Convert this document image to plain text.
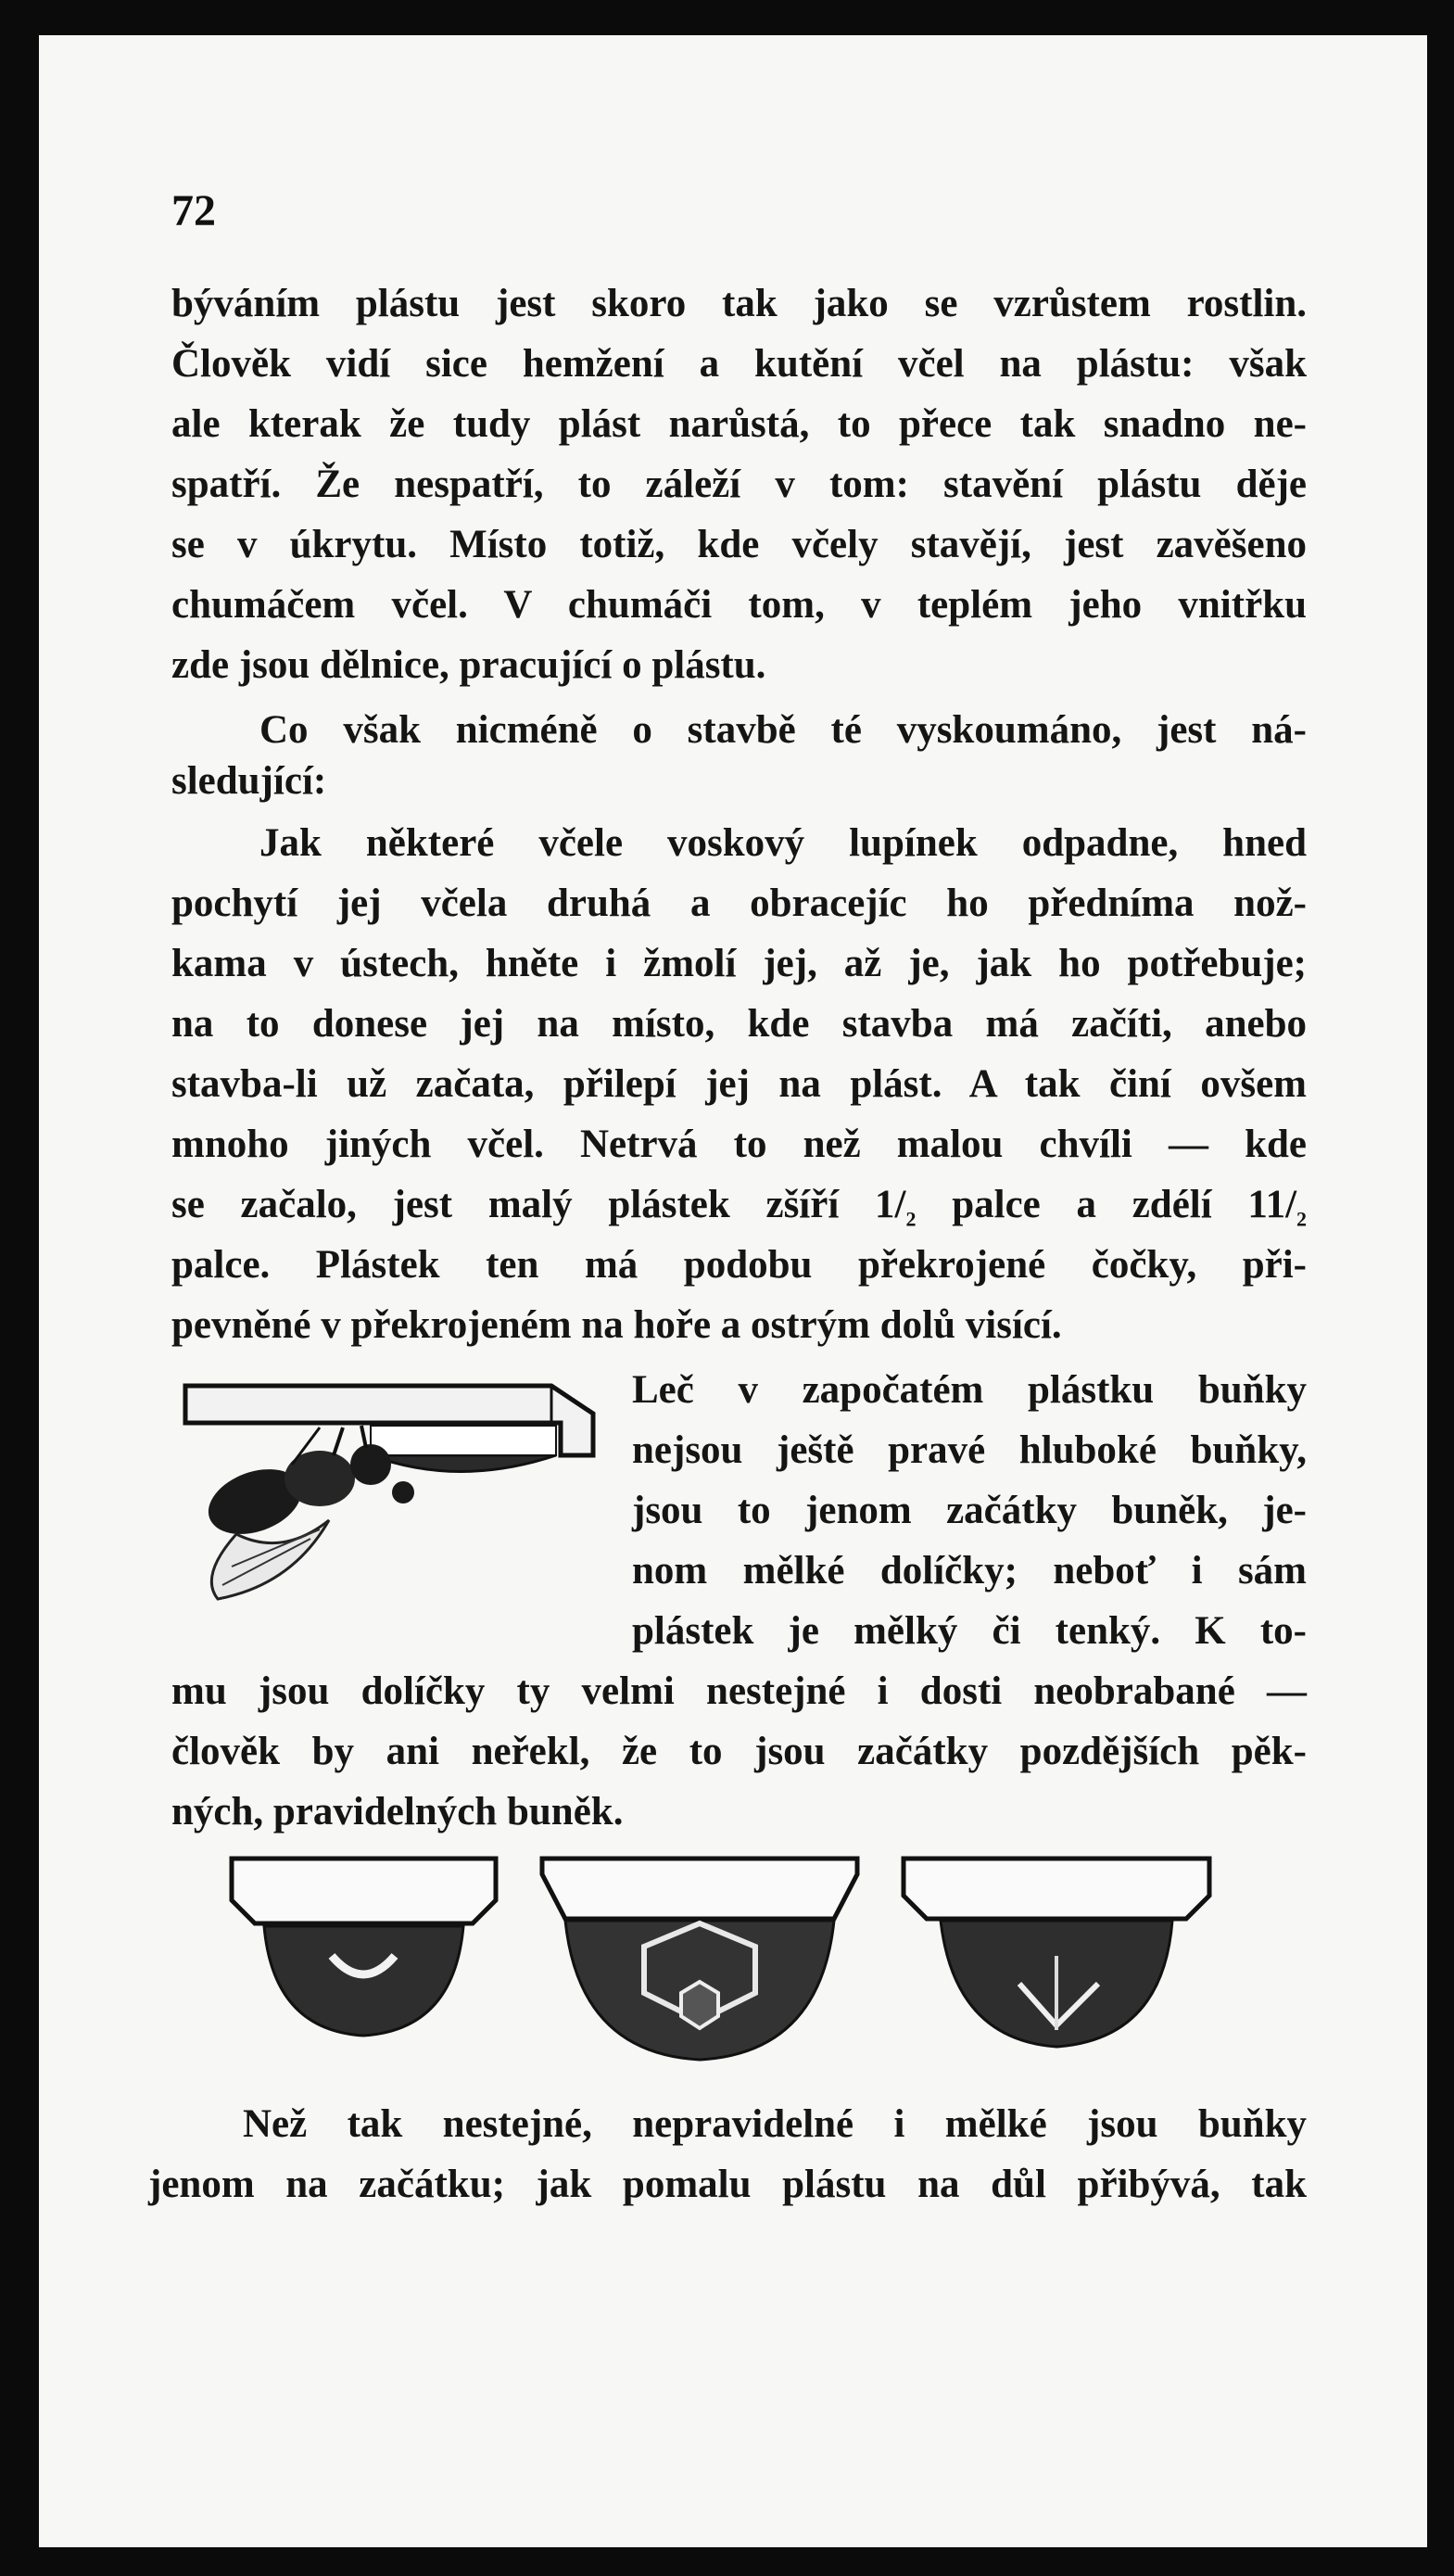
72

býváním plástu jest skoro tak jako se vzrůstem rostlin.

Člověk vidí sice hemžení a kutění včel na plástu: však

ale kterak že tudy plást narůstá, to přece tak snadno ne-

spatří. Že nespatří, to záleží v tom: stavění plástu děje

se v úkrytu. Místo totiž, kde včely stavějí, jest zavěšeno

chumáčem včel. V chumáči tom, v teplém jeho vnitřku

zde jsou dělnice, pracující o plástu.

Co však nicméně o stavbě té vyskoumáno, jest ná-

sledující:

Jak některé včele voskový lupínek odpadne, hned

pochytí jej včela druhá a obracejíc ho předníma nož-

kama v ústech, hněte i žmolí jej, až je, jak ho potřebuje;

na to donese jej na místo, kde stavba má začíti, anebo

stavba-li už začata, přilepí jej na plást. A tak činí ovšem

mnoho jiných včel. Netrvá to než malou chvíli — kde

se začalo, jest malý plástek zšíří $1/_2$ palce a zdélí $11/_2$

palce. Plástek ten má podobu překrojené čočky, při-

pevněné v překrojeném na hoře a ostrým dolů visící.

Leč v započatém plástku buňky

nejsou ještě pravé hluboké buňky,

jsou to jenom začátky buněk, je-

nom mělké dolíčky; neboť i sám

plástek je mělký či tenký. K to-

mu jsou dolíčky ty velmi nestejné i dosti neobrabané —

člověk by ani neřekl, že to jsou začátky pozdějších pěk-

ných, pravidelných buněk.

Než tak nestejné, nepravidelné i mělké jsou buňky

jenom na začátku; jak pomalu plástu na důl přibývá, tak
